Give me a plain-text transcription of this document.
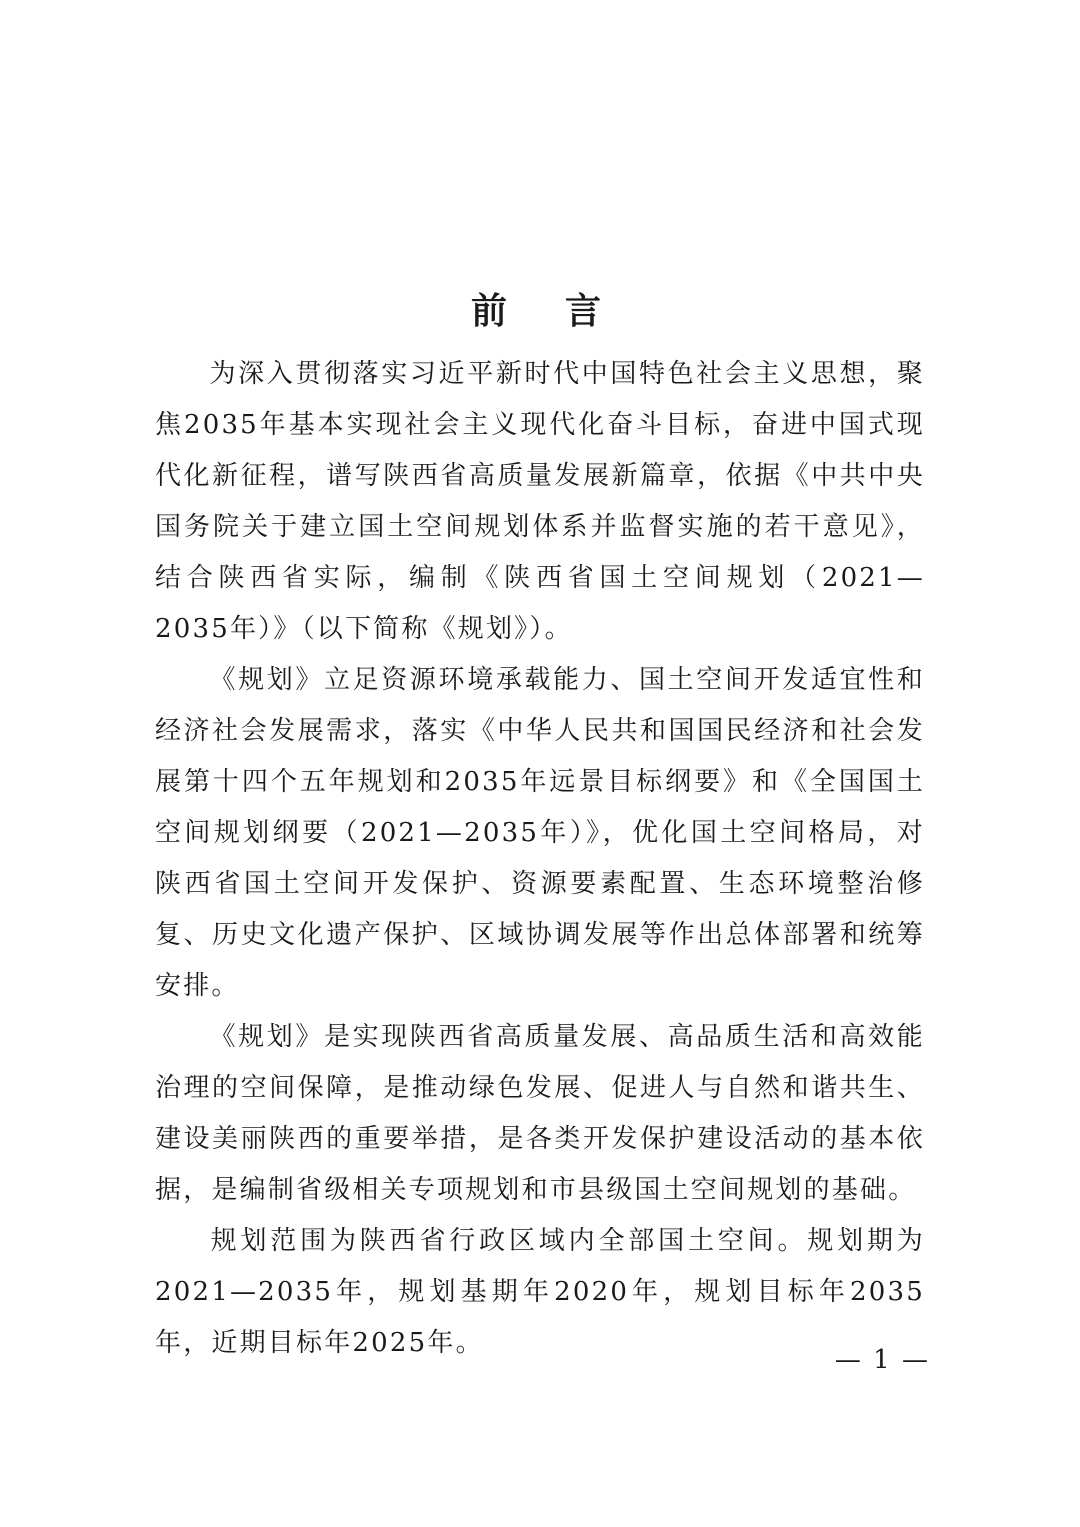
前 言

为深入贯彻落实习近平新时代中国特色社会主义思想，聚焦2035年基本实现社会主义现代化奋斗目标，奋进中国式现代化新征程，谱写陕西省高质量发展新篇章，依据《中共中央国务院关于建立国土空间规划体系并监督实施的若干意见》，结合陕西省实际，编制《陕西省国土空间规划（2021—2035年）》（以下简称《规划》）。

《规划》立足资源环境承载能力、国土空间开发适宜性和经济社会发展需求，落实《中华人民共和国国民经济和社会发展第十四个五年规划和2035年远景目标纲要》和《全国国土空间规划纲要（2021—2035年）》，优化国土空间格局，对陕西省国土空间开发保护、资源要素配置、生态环境整治修复、历史文化遗产保护、区域协调发展等作出总体部署和统筹安排。

《规划》是实现陕西省高质量发展、高品质生活和高效能治理的空间保障，是推动绿色发展、促进人与自然和谐共生、建设美丽陕西的重要举措，是各类开发保护建设活动的基本依据，是编制省级相关专项规划和市县级国土空间规划的基础。

规划范围为陕西省行政区域内全部国土空间。规划期为2021—2035年，规划基期年2020年，规划目标年2035年，近期目标年2025年。

— 1 —
